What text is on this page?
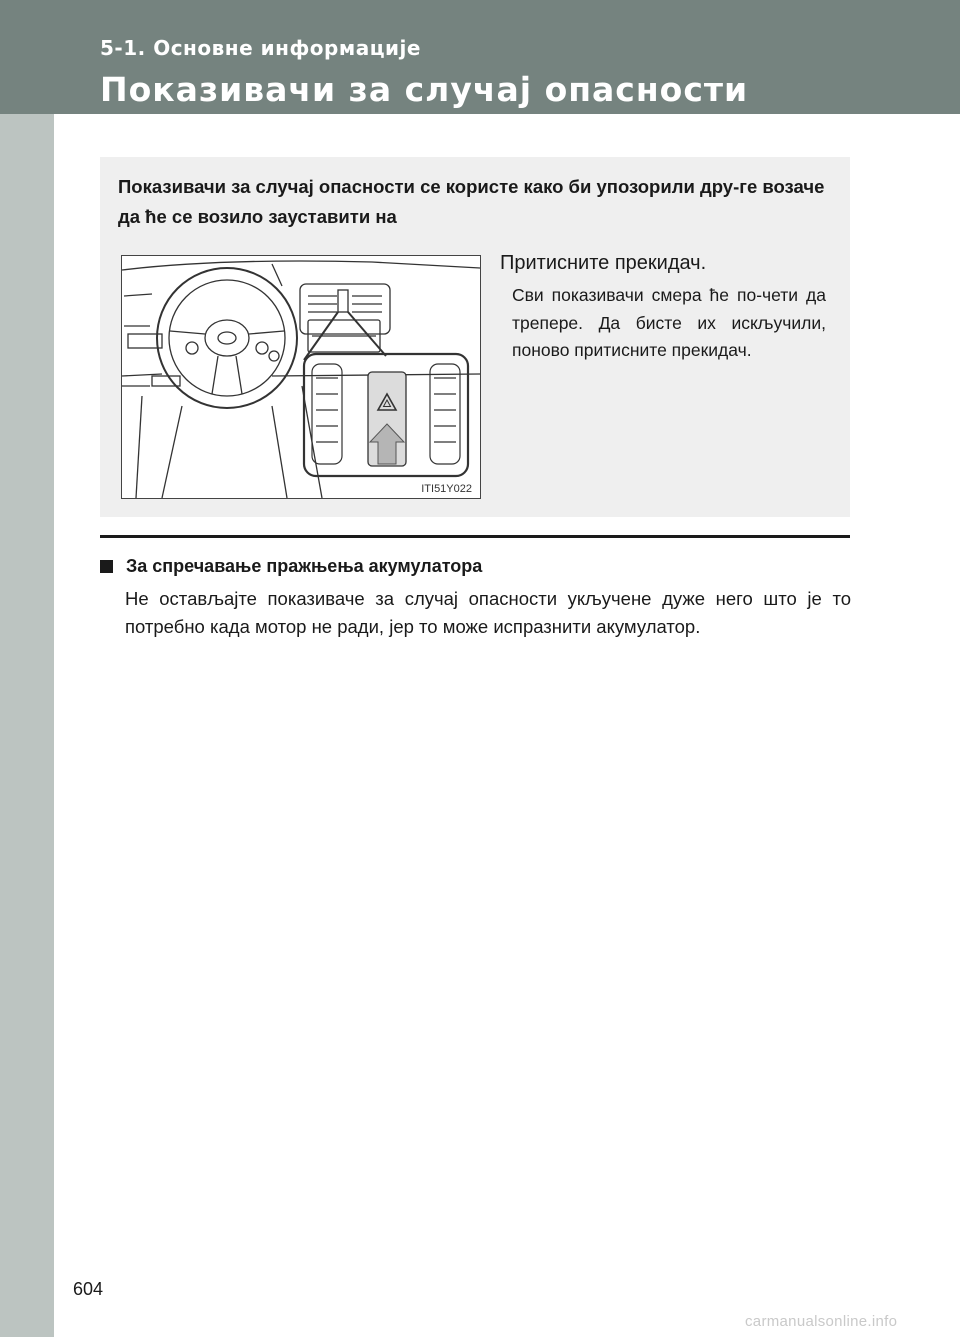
5-1. Основне информације
Показивачи за случај опасности
Показивачи за случај опасности се користе како би упозорили дру-ге возаче да ће се возило зауставити на
ITI51Y022
Притисните прекидач.
Сви показивачи смера ће по-чети да трепере. Да бисте их искључили, поново притисните прекидач.
За спречавање пражњења акумулатора
Не остављајте показиваче за случај опасности укључене дуже него што је то потребно када мотор не ради, јер то може испразнити акумулатор.
604
carmanualsonline.info
